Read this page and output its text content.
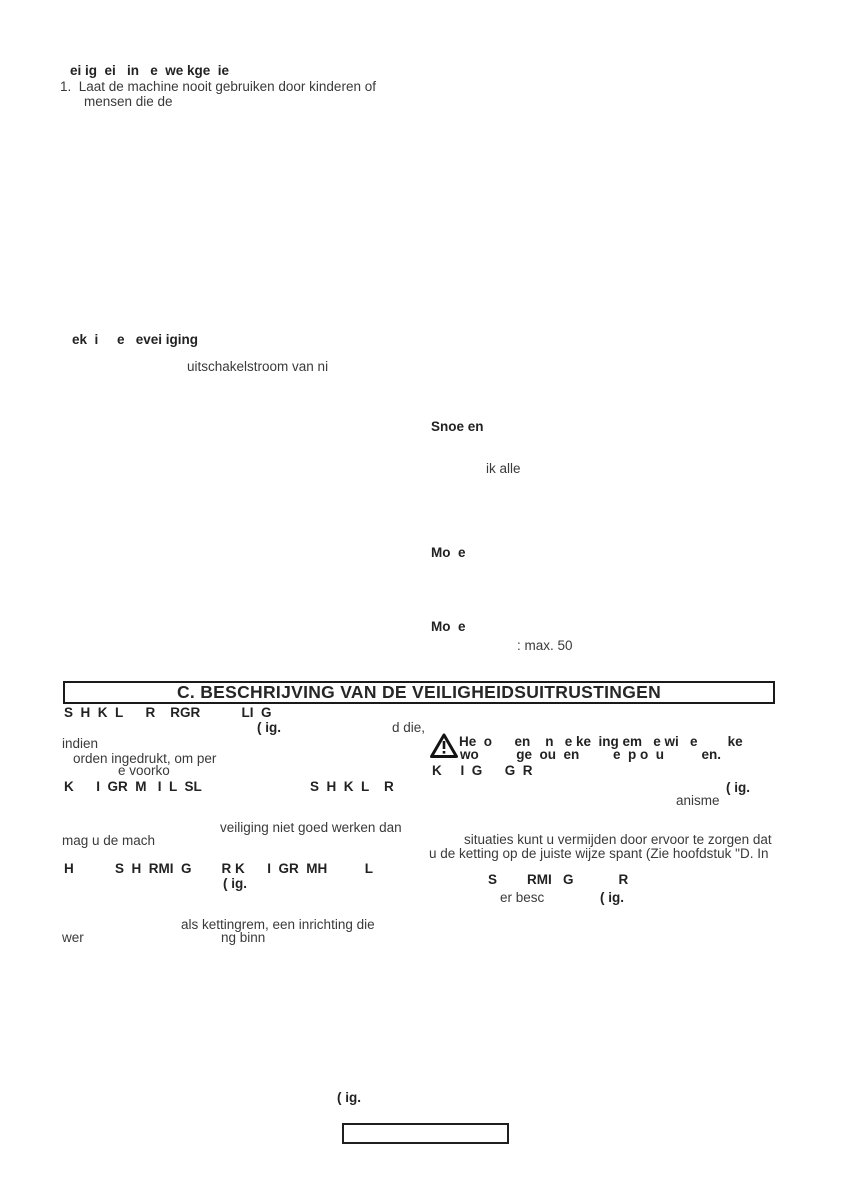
ei ig  ei   in   e  we kge  ie
1.  Laat de machine nooit gebruiken door kinderen of
mensen die de
ek  i     e   evei iging
uitschakelstroom van ni
Snoe en
ik alle
Mo  e
Mo  e
: max. 50
C. BESCHRIJVING VAN DE VEILIGHEIDSUITRUSTINGEN
S  H  K  L      R    RGR           LI  G
( ig.	d die,
indien
orden ingedrukt, om per
e voorko
K      I  GR  M   I  L  SL	S  H  K  L    R
veiliging niet goed werken dan
mag u de mach
H           S  H  RMI  G        R K      I  GR  MH          L
( ig.
als kettingrem, een inrichting die
wer	ng binn
He  o      en    n   e ke  ing em   e wi   e        ke
wo          ge  ou  en         e  p o  u          en.
K     I  G      G  R
( ig.
anisme
situaties kunt u vermijden door ervoor te zorgen dat
u de ketting op de juiste wijze spant (Zie hoofdstuk "D. In
S        RMI   G            R
er besc	( ig.
( ig.
